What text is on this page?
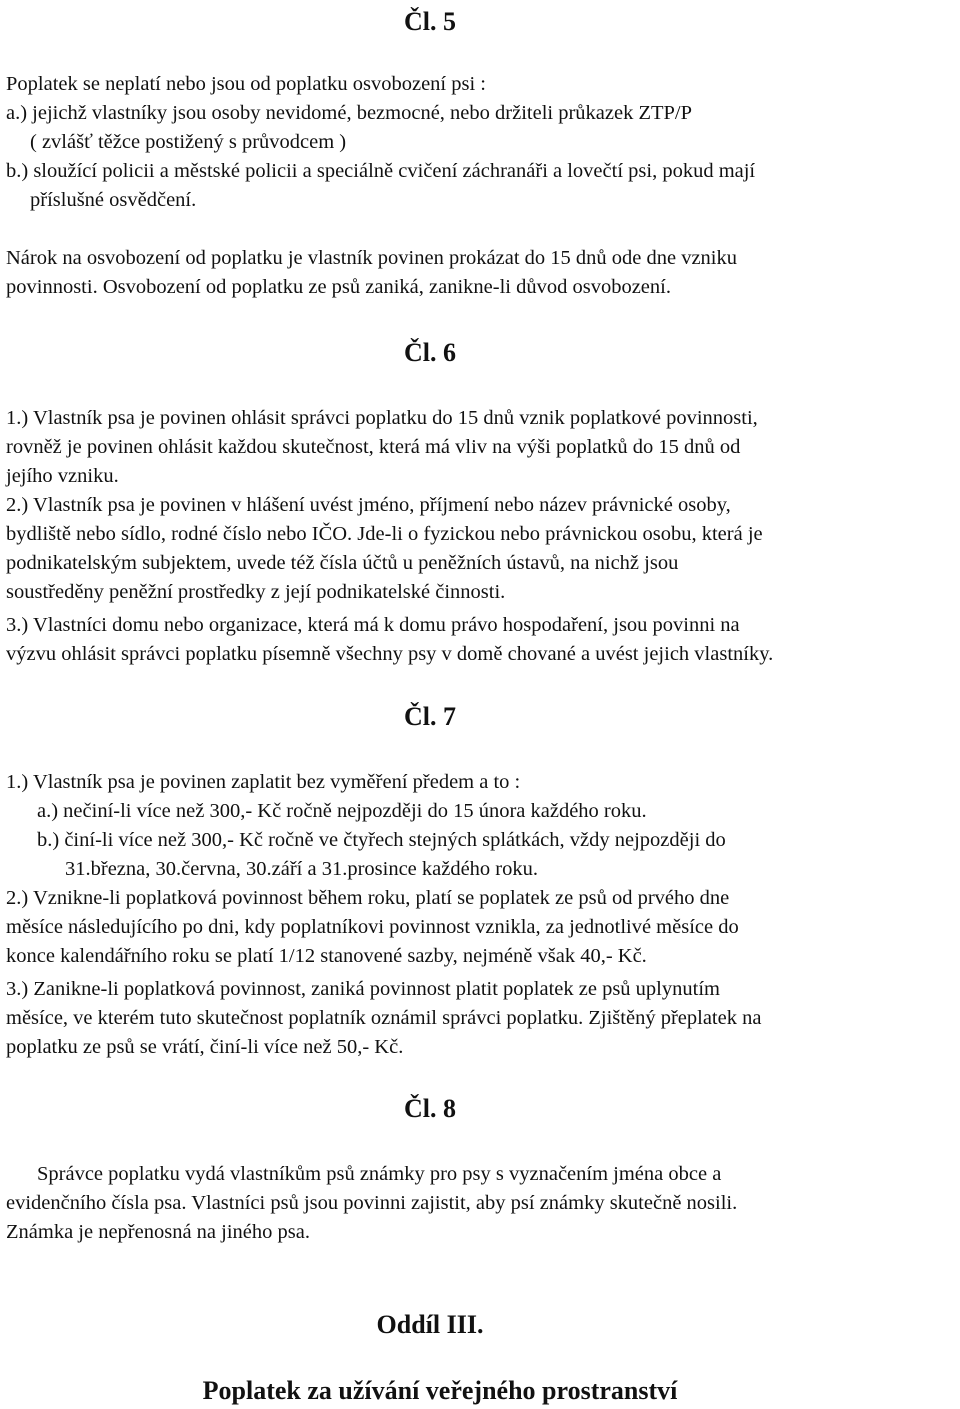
Čl. 5

Poplatek se neplatí nebo jsou od poplatku osvobození psi :

a.) jejichž vlastníky jsou osoby nevidomé, bezmocné, nebo držiteli průkazek ZTP/P

( zvlášť těžce postižený s průvodcem )

b.) sloužící policii a městské policii a speciálně cvičení záchranáři a lovečtí psi, pokud mají

příslušné osvědčení.

Nárok na osvobození od poplatku je vlastník povinen prokázat do 15 dnů ode dne vzniku

povinnosti. Osvobození od poplatku ze psů zaniká, zanikne-li důvod osvobození.

Čl. 6

1.) Vlastník psa je povinen ohlásit správci poplatku do 15 dnů vznik poplatkové povinnosti,

rovněž je povinen ohlásit každou skutečnost, která má vliv na výši poplatků do 15 dnů od

jejího vzniku.

2.) Vlastník psa je povinen v hlášení uvést jméno, příjmení nebo název právnické osoby,

bydliště nebo sídlo, rodné číslo nebo IČO. Jde-li o fyzickou nebo právnickou osobu, která je

podnikatelským subjektem, uvede též čísla účtů u peněžních ústavů, na nichž jsou

soustředěny peněžní prostředky z její podnikatelské činnosti.

3.) Vlastníci domu nebo organizace, která má k domu právo hospodaření, jsou povinni na

výzvu ohlásit správci poplatku písemně všechny psy v domě chované a uvést jejich vlastníky.

Čl. 7

1.) Vlastník psa je povinen zaplatit bez vyměření předem a to :

a.) nečiní-li více než 300,- Kč ročně nejpozději do 15 února každého roku.

b.) činí-li více než 300,- Kč ročně ve čtyřech stejných splátkách, vždy nejpozději do

31.března, 30.června, 30.září a 31.prosince každého roku.

2.) Vznikne-li poplatková povinnost během roku, platí se poplatek ze psů od prvého dne

měsíce následujícího po dni, kdy poplatníkovi povinnost vznikla, za jednotlivé měsíce do

konce kalendářního roku se platí 1/12 stanovené sazby, nejméně však 40,- Kč.

3.) Zanikne-li poplatková povinnost, zaniká povinnost platit poplatek ze psů uplynutím

měsíce, ve kterém tuto skutečnost poplatník oznámil správci poplatku. Zjištěný přeplatek na

poplatku ze psů se vrátí, činí-li více než 50,- Kč.

Čl. 8

Správce poplatku vydá vlastníkům psů známky pro psy s vyznačením jména obce a

evidenčního čísla psa. Vlastníci psů jsou povinni zajistit, aby psí známky skutečně nosili.

Známka je nepřenosná na jiného psa.

Oddíl III.
Poplatek za užívání veřejného prostranství
